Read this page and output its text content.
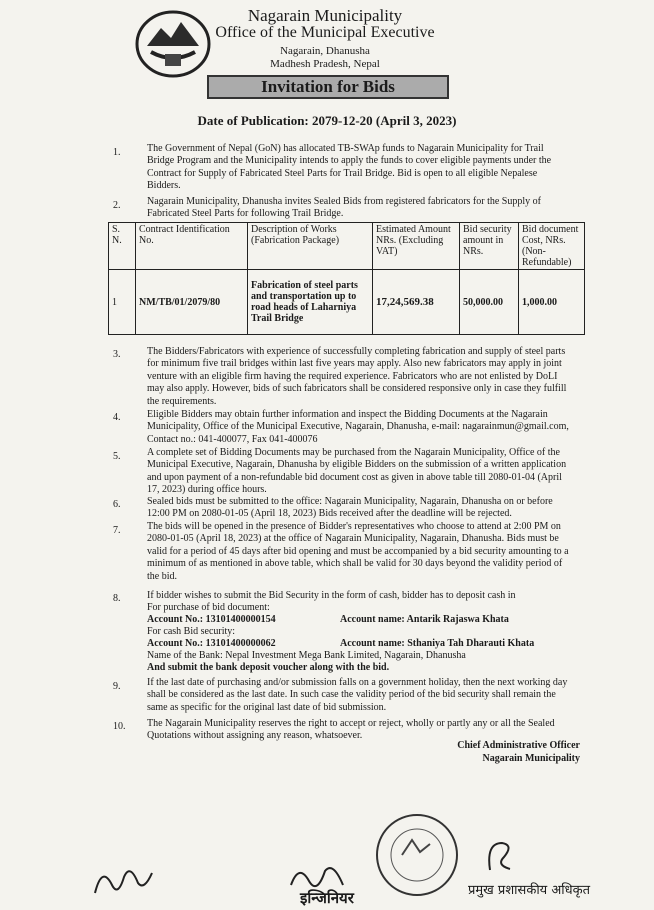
Nagarain Municipality
Office of the Municipal Executive
Nagarain, Dhanusha
Madhesh Pradesh, Nepal
Invitation for Bids
Date of Publication: 2079-12-20 (April 3, 2023)
1.	The Government of Nepal (GoN) has allocated TB-SWAp funds to Nagarain Municipality for Trail Bridge Program and the Municipality intends to apply the funds to cover eligible payments under the Contract for Supply of Fabricated Steel Parts for Trail Bridge. Bid is open to all eligible Nepalese Bidders.
2.	Nagarain Municipality, Dhanusha invites Sealed Bids from registered fabricators for the Supply of Fabricated Steel Parts for following Trail Bridge.
S. N.	Contract Identification No.	Description of Works (Fabrication Package)	Estimated Amount NRs. (Excluding VAT)	Bid security amount in NRs.	Bid document Cost, NRs. (Non-Refundable)
1	NM/TB/01/2079/80	Fabrication of steel parts and transportation up to road heads of Laharniya Trail Bridge	17,24,569.38	50,000.00	1,000.00
3.	The Bidders/Fabricators with experience of successfully completing fabrication and supply of steel parts for minimum five trail bridges within last five years may apply. Also new fabricators may apply in joint venture with an eligible firm having the required experience. Fabricators who are not enlisted by DoLI may also apply. However, bids of such fabricators shall be considered responsive only in case they fulfill the requirements.
4.	Eligible Bidders may obtain further information and inspect the Bidding Documents at the Nagarain Municipality, Office of the Municipal Executive, Nagarain, Dhanusha, e-mail: nagarainmun@gmail.com, Contact no.: 041-400077, Fax 041-400076
5.	A complete set of Bidding Documents may be purchased from the Nagarain Municipality, Office of the Municipal Executive, Nagarain, Dhanusha by eligible Bidders on the submission of a written application and upon payment of a non-refundable bid document cost as given in above table till 2080-01-04 (April 17, 2023) during office hours.
6.	Sealed bids must be submitted to the office: Nagarain Municipality, Nagarain, Dhanusha on or before 12:00 PM on 2080-01-05 (April 18, 2023) Bids received after the deadline will be rejected.
7.	The bids will be opened in the presence of Bidder's representatives who choose to attend at 2:00 PM on 2080-01-05 (April 18, 2023) at the office of Nagarain Municipality, Nagarain, Dhanusha. Bids must be valid for a period of 45 days after bid opening and must be accompanied by a bid security amounting to a minimum of as mentioned in above table, which shall be valid for 30 days beyond the validity period of the bid.
8.	If bidder wishes to submit the Bid Security in the form of cash, bidder has to deposit cash in
For purchase of bid document:
Account No.: 13101400000154	Account name: Antarik Rajaswa Khata
For cash Bid security:
Account No.: 13101400000062	Account name: Sthaniya Tah Dharauti Khata
Name of the Bank: Nepal Investment Mega Bank Limited, Nagarain, Dhanusha
And submit the bank deposit voucher along with the bid.
9.	If the last date of purchasing and/or submission falls on a government holiday, then the next working day shall be considered as the last date. In such case the validity period of the bid security shall remain the same as specific for the original last date of bid submission.
10. The Nagarain Municipality reserves the right to accept or reject, wholly or partly any or all the Sealed Quotations without assigning any reason, whatsoever.
Chief Administrative Officer
Nagarain Municipality
इन्जिनियर	प्रमुख प्रशासकीय अधिकृत
